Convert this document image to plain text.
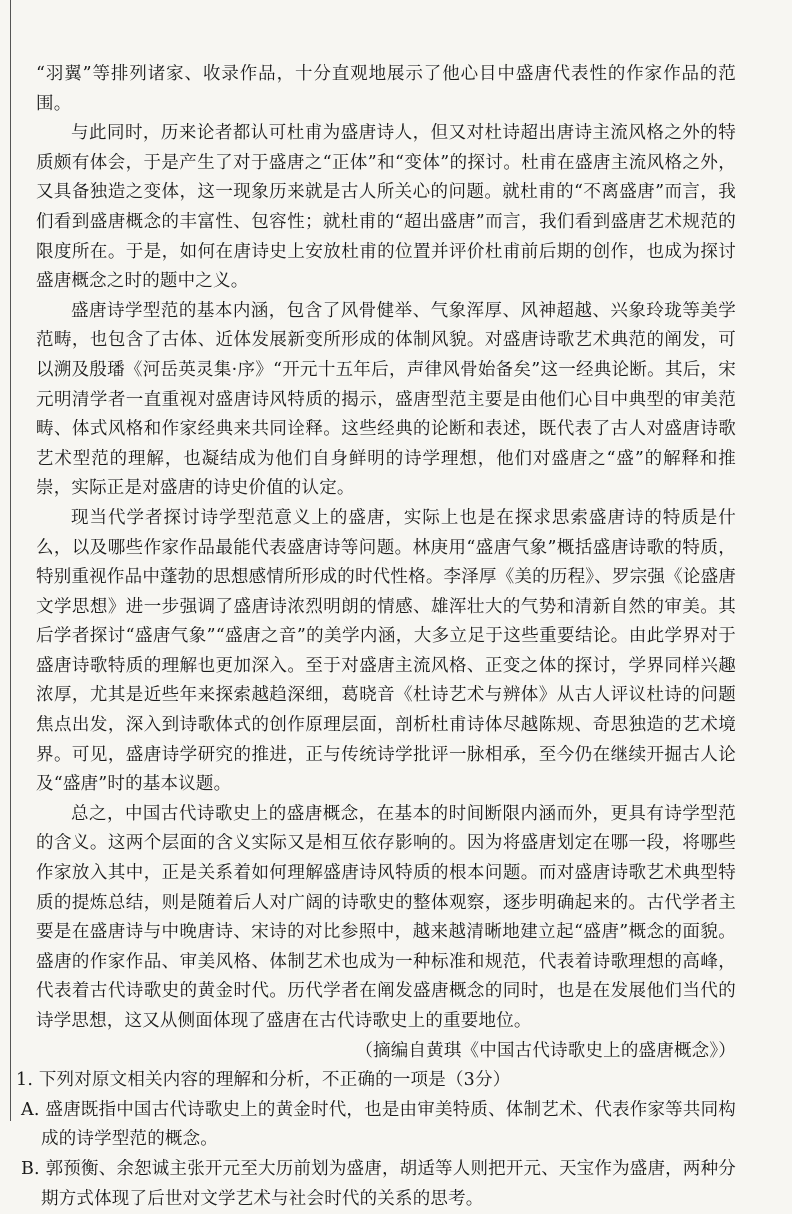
“羽翼”等排列诸家、收录作品，十分直观地展示了他心目中盛唐代表性的作家作品的范围。

与此同时，历来论者都认可杜甫为盛唐诗人，但又对杜诗超出唐诗主流风格之外的特质颇有体会，于是产生了对于盛唐之“正体”和“变体”的探讨。杜甫在盛唐主流风格之外，又具备独造之变体，这一现象历来就是古人所关心的问题。就杜甫的“不离盛唐”而言，我们看到盛唐概念的丰富性、包容性；就杜甫的“超出盛唐”而言，我们看到盛唐艺术规范的限度所在。于是，如何在唐诗史上安放杜甫的位置并评价杜甫前后期的创作，也成为探讨盛唐概念之时的题中之义。

盛唐诗学型范的基本内涵，包含了风骨健举、气象浑厚、风神超越、兴象玲珑等美学范畴，也包含了古体、近体发展新变所形成的体制风貌。对盛唐诗歌艺术典范的阐发，可以溯及殷璠《河岳英灵集·序》“开元十五年后，声律风骨始备矣”这一经典论断。其后，宋元明清学者一直重视对盛唐诗风特质的揭示，盛唐型范主要是由他们心目中典型的审美范畴、体式风格和作家经典来共同诠释。这些经典的论断和表述，既代表了古人对盛唐诗歌艺术型范的理解，也凝结成为他们自身鲜明的诗学理想，他们对盛唐之“盛”的解释和推崇，实际正是对盛唐的诗史价值的认定。

现当代学者探讨诗学型范意义上的盛唐，实际上也是在探求思索盛唐诗的特质是什么，以及哪些作家作品最能代表盛唐诗等问题。林庚用“盛唐气象”概括盛唐诗歌的特质，特别重视作品中蓬勃的思想感情所形成的时代性格。李泽厚《美的历程》、罗宗强《论盛唐文学思想》进一步强调了盛唐诗浓烈明朗的情感、雄浑壮大的气势和清新自然的审美。其后学者探讨“盛唐气象”“盛唐之音”的美学内涵，大多立足于这些重要结论。由此学界对于盛唐诗歌特质的理解也更加深入。至于对盛唐主流风格、正变之体的探讨，学界同样兴趣浓厚，尤其是近些年来探索越趋深细，葛晓音《杜诗艺术与辨体》从古人评议杜诗的问题焦点出发，深入到诗歌体式的创作原理层面，剖析杜甫诗体尽越陈规、奇思独造的艺术境界。可见，盛唐诗学研究的推进，正与传统诗学批评一脉相承，至今仍在继续开掘古人论及“盛唐”时的基本议题。

总之，中国古代诗歌史上的盛唐概念，在基本的时间断限内涵而外，更具有诗学型范的含义。这两个层面的含义实际又是相互依存影响的。因为将盛唐划定在哪一段，将哪些作家放入其中，正是关系着如何理解盛唐诗风特质的根本问题。而对盛唐诗歌艺术典型特质的提炼总结，则是随着后人对广阔的诗歌史的整体观察，逐步明确起来的。古代学者主要是在盛唐诗与中晚唐诗、宋诗的对比参照中，越来越清晰地建立起“盛唐”概念的面貌。盛唐的作家作品、审美风格、体制艺术也成为一种标准和规范，代表着诗歌理想的高峰，代表着古代诗歌史的黄金时代。历代学者在阐发盛唐概念的同时，也是在发展他们当代的诗学思想，这又从侧面体现了盛唐在古代诗歌史上的重要地位。

（摘编自黄琪《中国古代诗歌史上的盛唐概念》）

1. 下列对原文相关内容的理解和分析，不正确的一项是（3分）

A. 盛唐既指中国古代诗歌史上的黄金时代，也是由审美特质、体制艺术、代表作家等共同构成的诗学型范的概念。
B. 郭预衡、余恕诚主张开元至大历前划为盛唐，胡适等人则把开元、天宝作为盛唐，两种分期方式体现了后世对文学艺术与社会时代的关系的思考。
